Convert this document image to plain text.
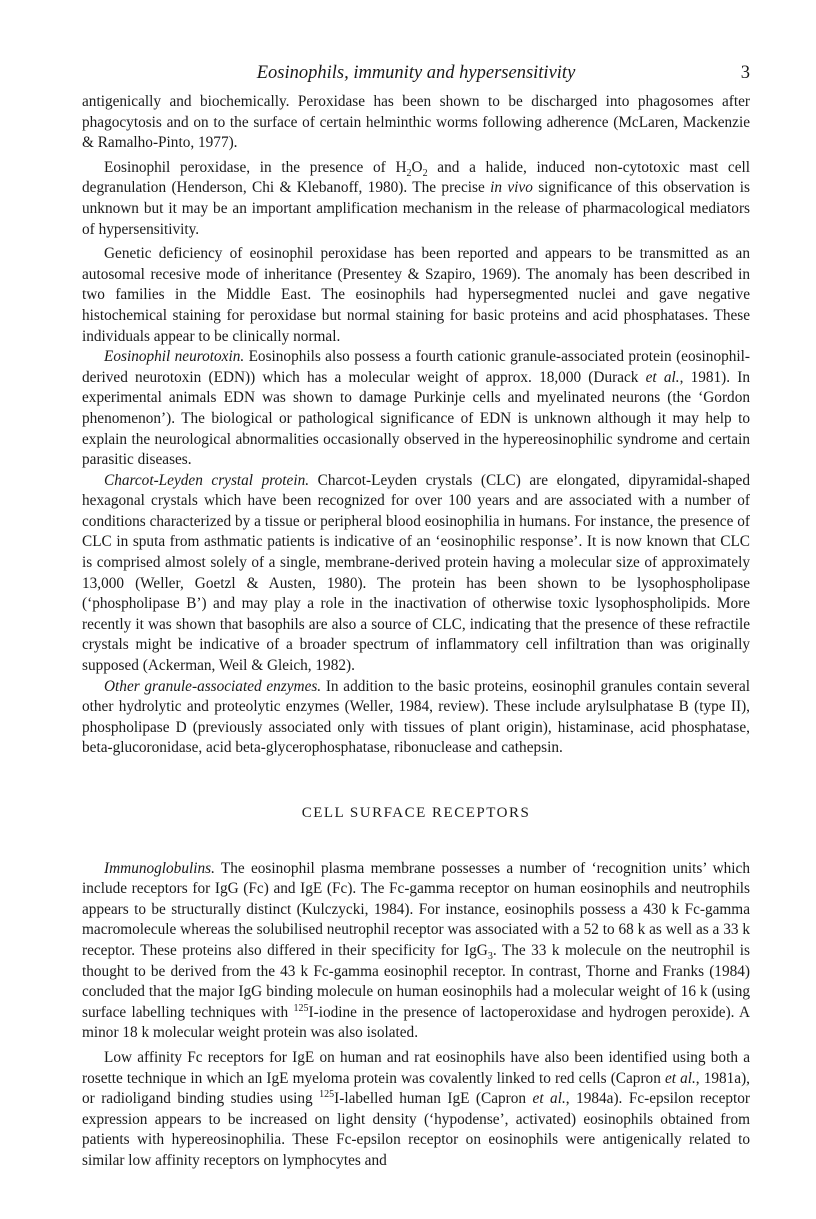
Eosinophils, immunity and hypersensitivity	3

antigenically and biochemically. Peroxidase has been shown to be discharged into phagosomes after phagocytosis and on to the surface of certain helminthic worms following adherence (McLaren, Mackenzie & Ramalho-Pinto, 1977).

Eosinophil peroxidase, in the presence of $H_2O_2$ and a halide, induced non-cytotoxic mast cell degranulation (Henderson, Chi & Klebanoff, 1980). The precise in vivo significance of this observation is unknown but it may be an important amplification mechanism in the release of pharmacological mediators of hypersensitivity.

Genetic deficiency of eosinophil peroxidase has been reported and appears to be transmitted as an autosomal recesive mode of inheritance (Presentey & Szapiro, 1969). The anomaly has been described in two families in the Middle East. The eosinophils had hypersegmented nuclei and gave negative histochemical staining for peroxidase but normal staining for basic proteins and acid phosphatases. These individuals appear to be clinically normal.

Eosinophil neurotoxin. Eosinophils also possess a fourth cationic granule-associated protein (eosinophil-derived neurotoxin (EDN)) which has a molecular weight of approx. 18,000 (Durack et al., 1981). In experimental animals EDN was shown to damage Purkinje cells and myelinated neurons (the ‘Gordon phenomenon’). The biological or pathological significance of EDN is unknown although it may help to explain the neurological abnormalities occasionally observed in the hypereosinophilic syndrome and certain parasitic diseases.

Charcot-Leyden crystal protein. Charcot-Leyden crystals (CLC) are elongated, dipyramidal-shaped hexagonal crystals which have been recognized for over 100 years and are associated with a number of conditions characterized by a tissue or peripheral blood eosinophilia in humans. For instance, the presence of CLC in sputa from asthmatic patients is indicative of an ‘eosinophilic response’. It is now known that CLC is comprised almost solely of a single, membrane-derived protein having a molecular size of approximately 13,000 (Weller, Goetzl & Austen, 1980). The protein has been shown to be lysophospholipase (‘phospholipase B’) and may play a role in the inactivation of otherwise toxic lysophospholipids. More recently it was shown that basophils are also a source of CLC, indicating that the presence of these refractile crystals might be indicative of a broader spectrum of inflammatory cell infiltration than was originally supposed (Ackerman, Weil & Gleich, 1982).

Other granule-associated enzymes. In addition to the basic proteins, eosinophil granules contain several other hydrolytic and proteolytic enzymes (Weller, 1984, review). These include arylsulphatase B (type II), phospholipase D (previously associated only with tissues of plant origin), histaminase, acid phosphatase, beta-glucoronidase, acid beta-glycerophosphatase, ribonuclease and cathepsin.

CELL SURFACE RECEPTORS

Immunoglobulins. The eosinophil plasma membrane possesses a number of ‘recognition units’ which include receptors for IgG (Fc) and IgE (Fc). The Fc-gamma receptor on human eosinophils and neutrophils appears to be structurally distinct (Kulczycki, 1984). For instance, eosinophils possess a 430 k Fc-gamma macromolecule whereas the solubilised neutrophil receptor was associated with a 52 to 68 k as well as a 33 k receptor. These proteins also differed in their specificity for IgG$_3$. The 33 k molecule on the neutrophil is thought to be derived from the 43 k Fc-gamma eosinophil receptor. In contrast, Thorne and Franks (1984) concluded that the major IgG binding molecule on human eosinophils had a molecular weight of 16 k (using surface labelling techniques with $^{125}$I-iodine in the presence of lactoperoxidase and hydrogen peroxide). A minor 18 k molecular weight protein was also isolated.

Low affinity Fc receptors for IgE on human and rat eosinophils have also been identified using both a rosette technique in which an IgE myeloma protein was covalently linked to red cells (Capron et al., 1981a), or radioligand binding studies using $^{125}$I-labelled human IgE (Capron et al., 1984a). Fc-epsilon receptor expression appears to be increased on light density (‘hypodense’, activated) eosinophils obtained from patients with hypereosinophilia. These Fc-epsilon receptor on eosinophils were antigenically related to similar low affinity receptors on lymphocytes and
